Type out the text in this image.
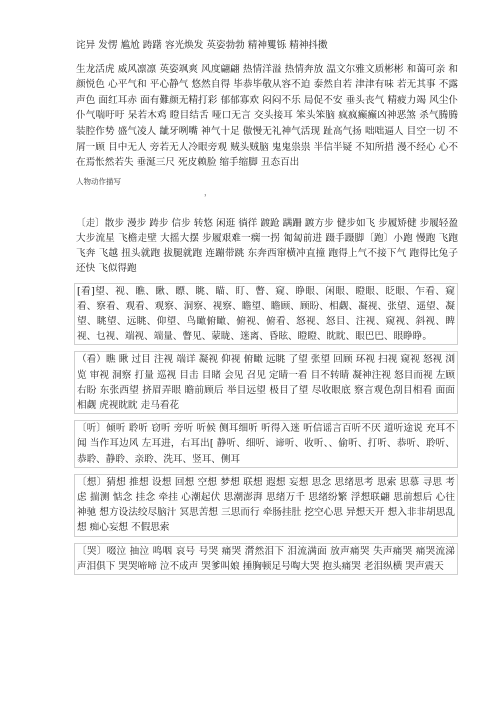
诧异 发愣 尴尬 踌躇 容光焕发 英姿勃勃 精神矍铄 精神抖擞

生龙活虎 威风凛凛 英姿飒爽 风度翩翩 热情洋溢 热情奔放 温文尔雅文质彬彬 和蔼可亲 和颜悦色 心平气和 平心静气 悠然自得 毕恭毕敬从容不迫 泰然自若 津津有味 若无其事 不露声色 面红耳赤 面有難颜无精打彩 郁郁寡欢 闷闷不乐 局促不安 垂头丧气 精疲力竭 风尘仆仆气喘吁吁 呆若木鸡 瞪目结舌 哑口无言 交头接耳 笨头笨脑 疯疯癫癫凶神恶煞 杀气腾腾 装腔作势 盛气凌人 龇牙咧嘴 神气十足 傲慢无礼神气活现 趾高气扬 咄咄逼人 目空一切 不屑一顾 目中无人 旁若无人冷眼旁观 贼头贼脑 鬼鬼祟祟 半信半疑 不知所措 漫不经心 心不在焉怅然若失 垂涎三尺 死皮赖脸 缩手缩脚 丑态百出

人物动作描写

，

〔走〕散步 漫步 踌步 信步 转悠 闲逛 徜徉 踱跄 蹒跚 踱方步 健步如飞 步履矫健 步履轻盈 大步流星 飞檐走壁 大摇大摆 步履艰难一瘸一拐 匍匐前进 蹑手蹑脚〔跑〕小跑 慢跑 飞跑 飞奔 飞越 扭头就跑 拔腿就跑 连蹦带跳 东奔西窜横冲直撞 跑得上气不接下气 跑得比兔子还快 飞似得跑

[看]望、视、瞧、瞅、瞟、眺、瞄、盯、瞥、窥、睁眼、闲眼、瞪眼、眨眼、乍看、窥看、察看、观看、观察、洞察、视察、瞻望、瞻顾、顾盼、相觑、凝视、张望、遥望、凝望、眺望、远眺、仰望、鸟瞰俯瞰、俯视、俯看、怒视、怒目、注视、窥视、斜视、睥视、乜视、端视、端量、瞥见、蒙眬、迷离、昏眩、瞪瞪、眈眈、眼巴巴、眼睁睁。

（看）瞧 瞅 过目 注视 端详 凝视 仰视 俯瞰 远眺 了望 张望 回顾 环视 扫视 窥视 怒视 浏览 审视 洞察 打量 巡视 目击 目睹 会见 召见 定睛一看 目不转睛 凝神注视 怒目而视 左顾右盼 东张西望 挤眉弄眼 瞻前顾后 举目远望 极目了望 尽收眼底 察言观色刮目相看 面面相觑 虎视眈眈 走马看花

〔听〕倾听 聆听 窃听 旁听 听候 侧耳细听 听得入迷 听信谣言百听不厌 道听途说 充耳不闻 当作耳边风 左耳进，右耳出[ 静听、细听、谛听、收听、、偷听、打听、恭听、聆听、恭聆、静聆、亲聆、洗耳、竖耳、侧耳

〔想〕猜想 推想 设想 回想 空想 梦想 联想 遐想 妄想 思念 思绪思考 思索 思慕 寻思 考虑 揣测 惦念 挂念 牵挂 心潮起伏 思潮澎湃 思绪万千 思绪纷繁 浮想联翩 思前想后 心往神驰 想方设法绞尽脑汁 冥思苦想 三思而行 牵肠挂肚 挖空心思 异想天开 想入非非胡思乱想 痴心妄想 不假思索

〔哭〕啜泣 抽泣 鸣咽 哀号 号哭 痛哭 潸然泪下 泪流满面 放声痛哭 失声痛哭 痛哭流涕 声泪俱下 哭哭啼啼 泣不成声 哭爹叫娘 捶胸顿足号啕大哭 抱头痛哭 老泪纵横 哭声震天
